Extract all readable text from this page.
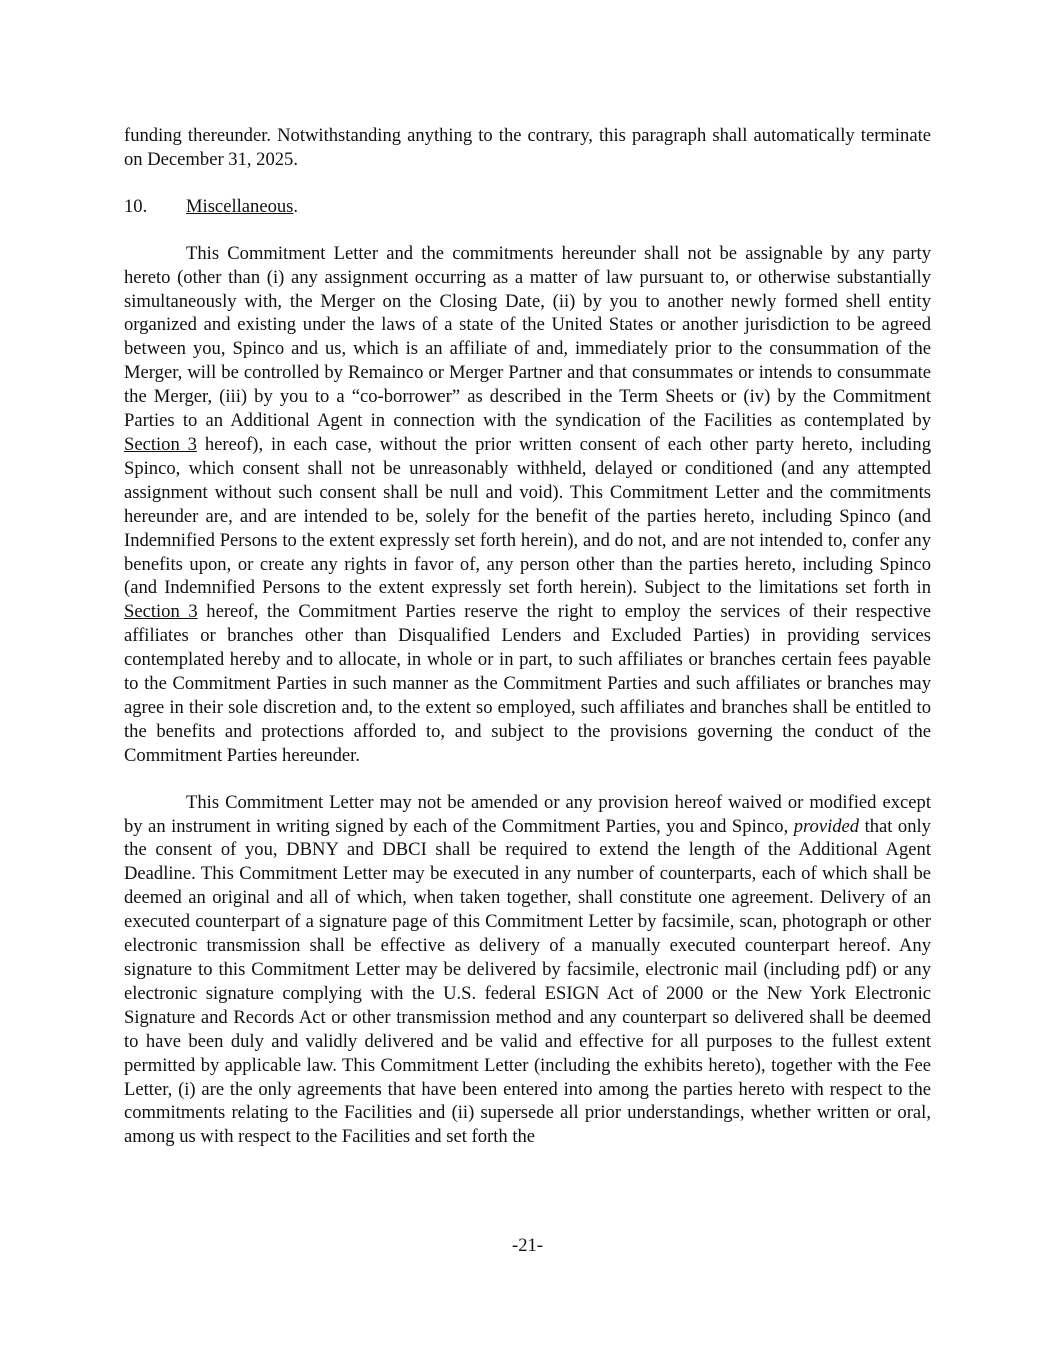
funding thereunder. Notwithstanding anything to the contrary, this paragraph shall automatically terminate on December 31, 2025.

10. Miscellaneous.

This Commitment Letter and the commitments hereunder shall not be assignable by any party hereto (other than (i) any assignment occurring as a matter of law pursuant to, or otherwise substantially simultaneously with, the Merger on the Closing Date, (ii) by you to another newly formed shell entity organized and existing under the laws of a state of the United States or another jurisdiction to be agreed between you, Spinco and us, which is an affiliate of and, immediately prior to the consummation of the Merger, will be controlled by Remainco or Merger Partner and that consummates or intends to consummate the Merger, (iii) by you to a “co-borrower” as described in the Term Sheets or (iv) by the Commitment Parties to an Additional Agent in connection with the syndication of the Facilities as contemplated by Section 3 hereof), in each case, without the prior written consent of each other party hereto, including Spinco, which consent shall not be unreasonably withheld, delayed or conditioned (and any attempted assignment without such consent shall be null and void). This Commitment Letter and the commitments hereunder are, and are intended to be, solely for the benefit of the parties hereto, including Spinco (and Indemnified Persons to the extent expressly set forth herein), and do not, and are not intended to, confer any benefits upon, or create any rights in favor of, any person other than the parties hereto, including Spinco (and Indemnified Persons to the extent expressly set forth herein). Subject to the limitations set forth in Section 3 hereof, the Commitment Parties reserve the right to employ the services of their respective affiliates or branches other than Disqualified Lenders and Excluded Parties) in providing services contemplated hereby and to allocate, in whole or in part, to such affiliates or branches certain fees payable to the Commitment Parties in such manner as the Commitment Parties and such affiliates or branches may agree in their sole discretion and, to the extent so employed, such affiliates and branches shall be entitled to the benefits and protections afforded to, and subject to the provisions governing the conduct of the Commitment Parties hereunder.

This Commitment Letter may not be amended or any provision hereof waived or modified except by an instrument in writing signed by each of the Commitment Parties, you and Spinco, provided that only the consent of you, DBNY and DBCI shall be required to extend the length of the Additional Agent Deadline. This Commitment Letter may be executed in any number of counterparts, each of which shall be deemed an original and all of which, when taken together, shall constitute one agreement. Delivery of an executed counterpart of a signature page of this Commitment Letter by facsimile, scan, photograph or other electronic transmission shall be effective as delivery of a manually executed counterpart hereof. Any signature to this Commitment Letter may be delivered by facsimile, electronic mail (including pdf) or any electronic signature complying with the U.S. federal ESIGN Act of 2000 or the New York Electronic Signature and Records Act or other transmission method and any counterpart so delivered shall be deemed to have been duly and validly delivered and be valid and effective for all purposes to the fullest extent permitted by applicable law. This Commitment Letter (including the exhibits hereto), together with the Fee Letter, (i) are the only agreements that have been entered into among the parties hereto with respect to the commitments relating to the Facilities and (ii) supersede all prior understandings, whether written or oral, among us with respect to the Facilities and set forth the

-21-
